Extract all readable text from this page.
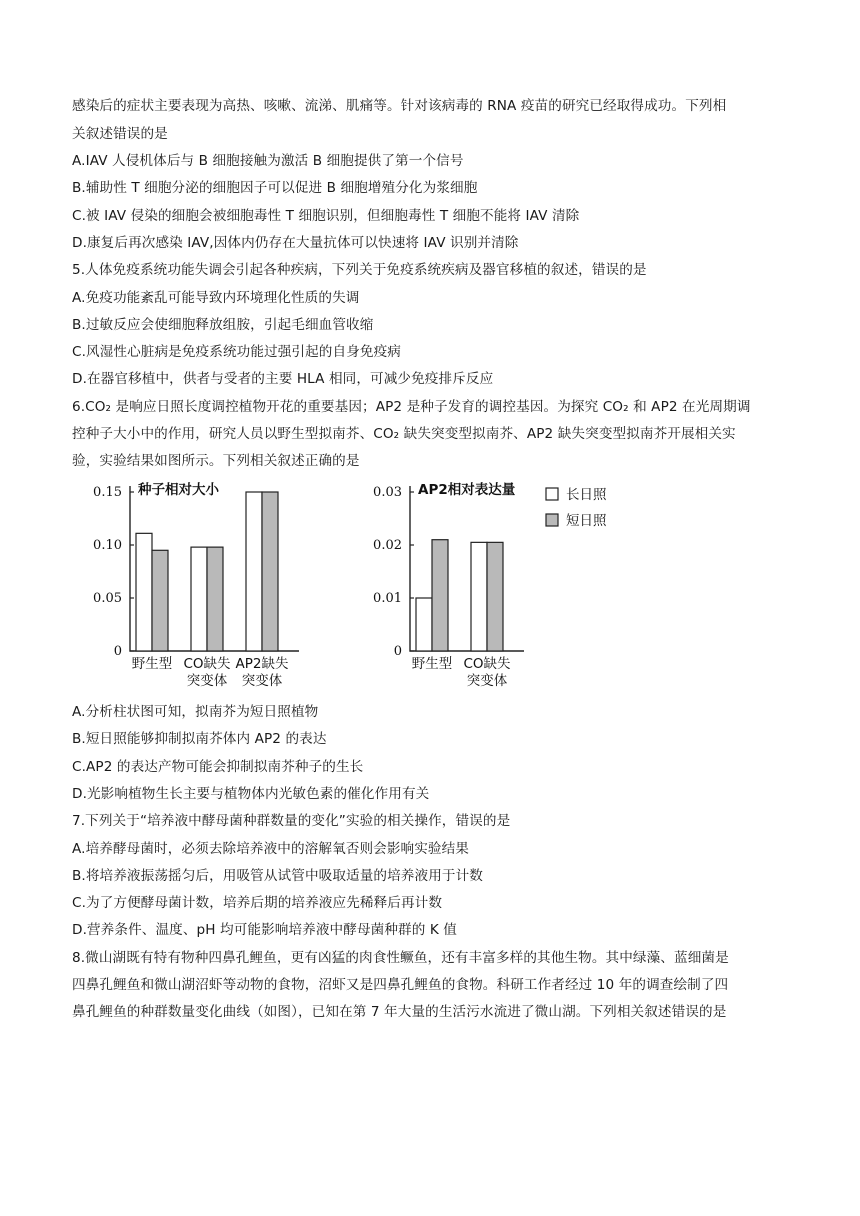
感染后的症状主要表现为高热、咳嗽、流涕、肌痛等。针对该病毒的 RNA 疫苗的研究已经取得成功。下列相
关叙述错误的是
A.IAV 人侵机体后与 B 细胞接触为激活 B 细胞提供了第一个信号
B.辅助性 T 细胞分泌的细胞因子可以促进 B 细胞增殖分化为浆细胞
C.被 IAV 侵染的细胞会被细胞毒性 T 细胞识别，但细胞毒性 T 细胞不能将 IAV 清除
D.康复后再次感染 IAV,因体内仍存在大量抗体可以快速将 IAV 识别并清除
5.人体免疫系统功能失调会引起各种疾病，下列关于免疫系统疾病及器官移植的叙述，错误的是
A.免疫功能紊乱可能导致内环境理化性质的失调
B.过敏反应会使细胞释放组胺，引起毛细血管收缩
C.风湿性心脏病是免疫系统功能过强引起的自身免疫病
D.在器官移植中，供者与受者的主要 HLA 相同，可减少免疫排斥反应
6.CO₂ 是响应日照长度调控植物开花的重要基因；AP2 是种子发育的调控基因。为探究 CO₂ 和 AP2 在光周期调
控种子大小中的作用，研究人员以野生型拟南芥、CO₂ 缺失突变型拟南芥、AP2 缺失突变型拟南芥开展相关实
验，实验结果如图所示。下列相关叙述正确的是
0
0.05
0.10
0.15 种子相对大小
野生型 CO缺失
突变体
AP2缺失
突变体
0
0.01
0.02
0.03 AP2相对表达量
野生型 CO缺失
突变体
长日照
短日照
A.分析柱状图可知，拟南芥为短日照植物
B.短日照能够抑制拟南芥体内 AP2 的表达
C.AP2 的表达产物可能会抑制拟南芥种子的生长
D.光影响植物生长主要与植物体内光敏色素的催化作用有关
7.下列关于“培养液中酵母菌种群数量的变化”实验的相关操作，错误的是
A.培养酵母菌时，必须去除培养液中的溶解氧否则会影响实验结果
B.将培养液振荡摇匀后，用吸管从试管中吸取适量的培养液用于计数
C.为了方便酵母菌计数，培养后期的培养液应先稀释后再计数
D.营养条件、温度、pH 均可能影响培养液中酵母菌种群的 K 值
8.微山湖既有特有物种四鼻孔鲤鱼，更有凶猛的肉食性鳜鱼，还有丰富多样的其他生物。其中绿藻、蓝细菌是
四鼻孔鲤鱼和微山湖沼虾等动物的食物，沼虾又是四鼻孔鲤鱼的食物。科研工作者经过 10 年的调查绘制了四
鼻孔鲤鱼的种群数量变化曲线（如图），已知在第 7 年大量的生活污水流进了微山湖。下列相关叙述错误的是
